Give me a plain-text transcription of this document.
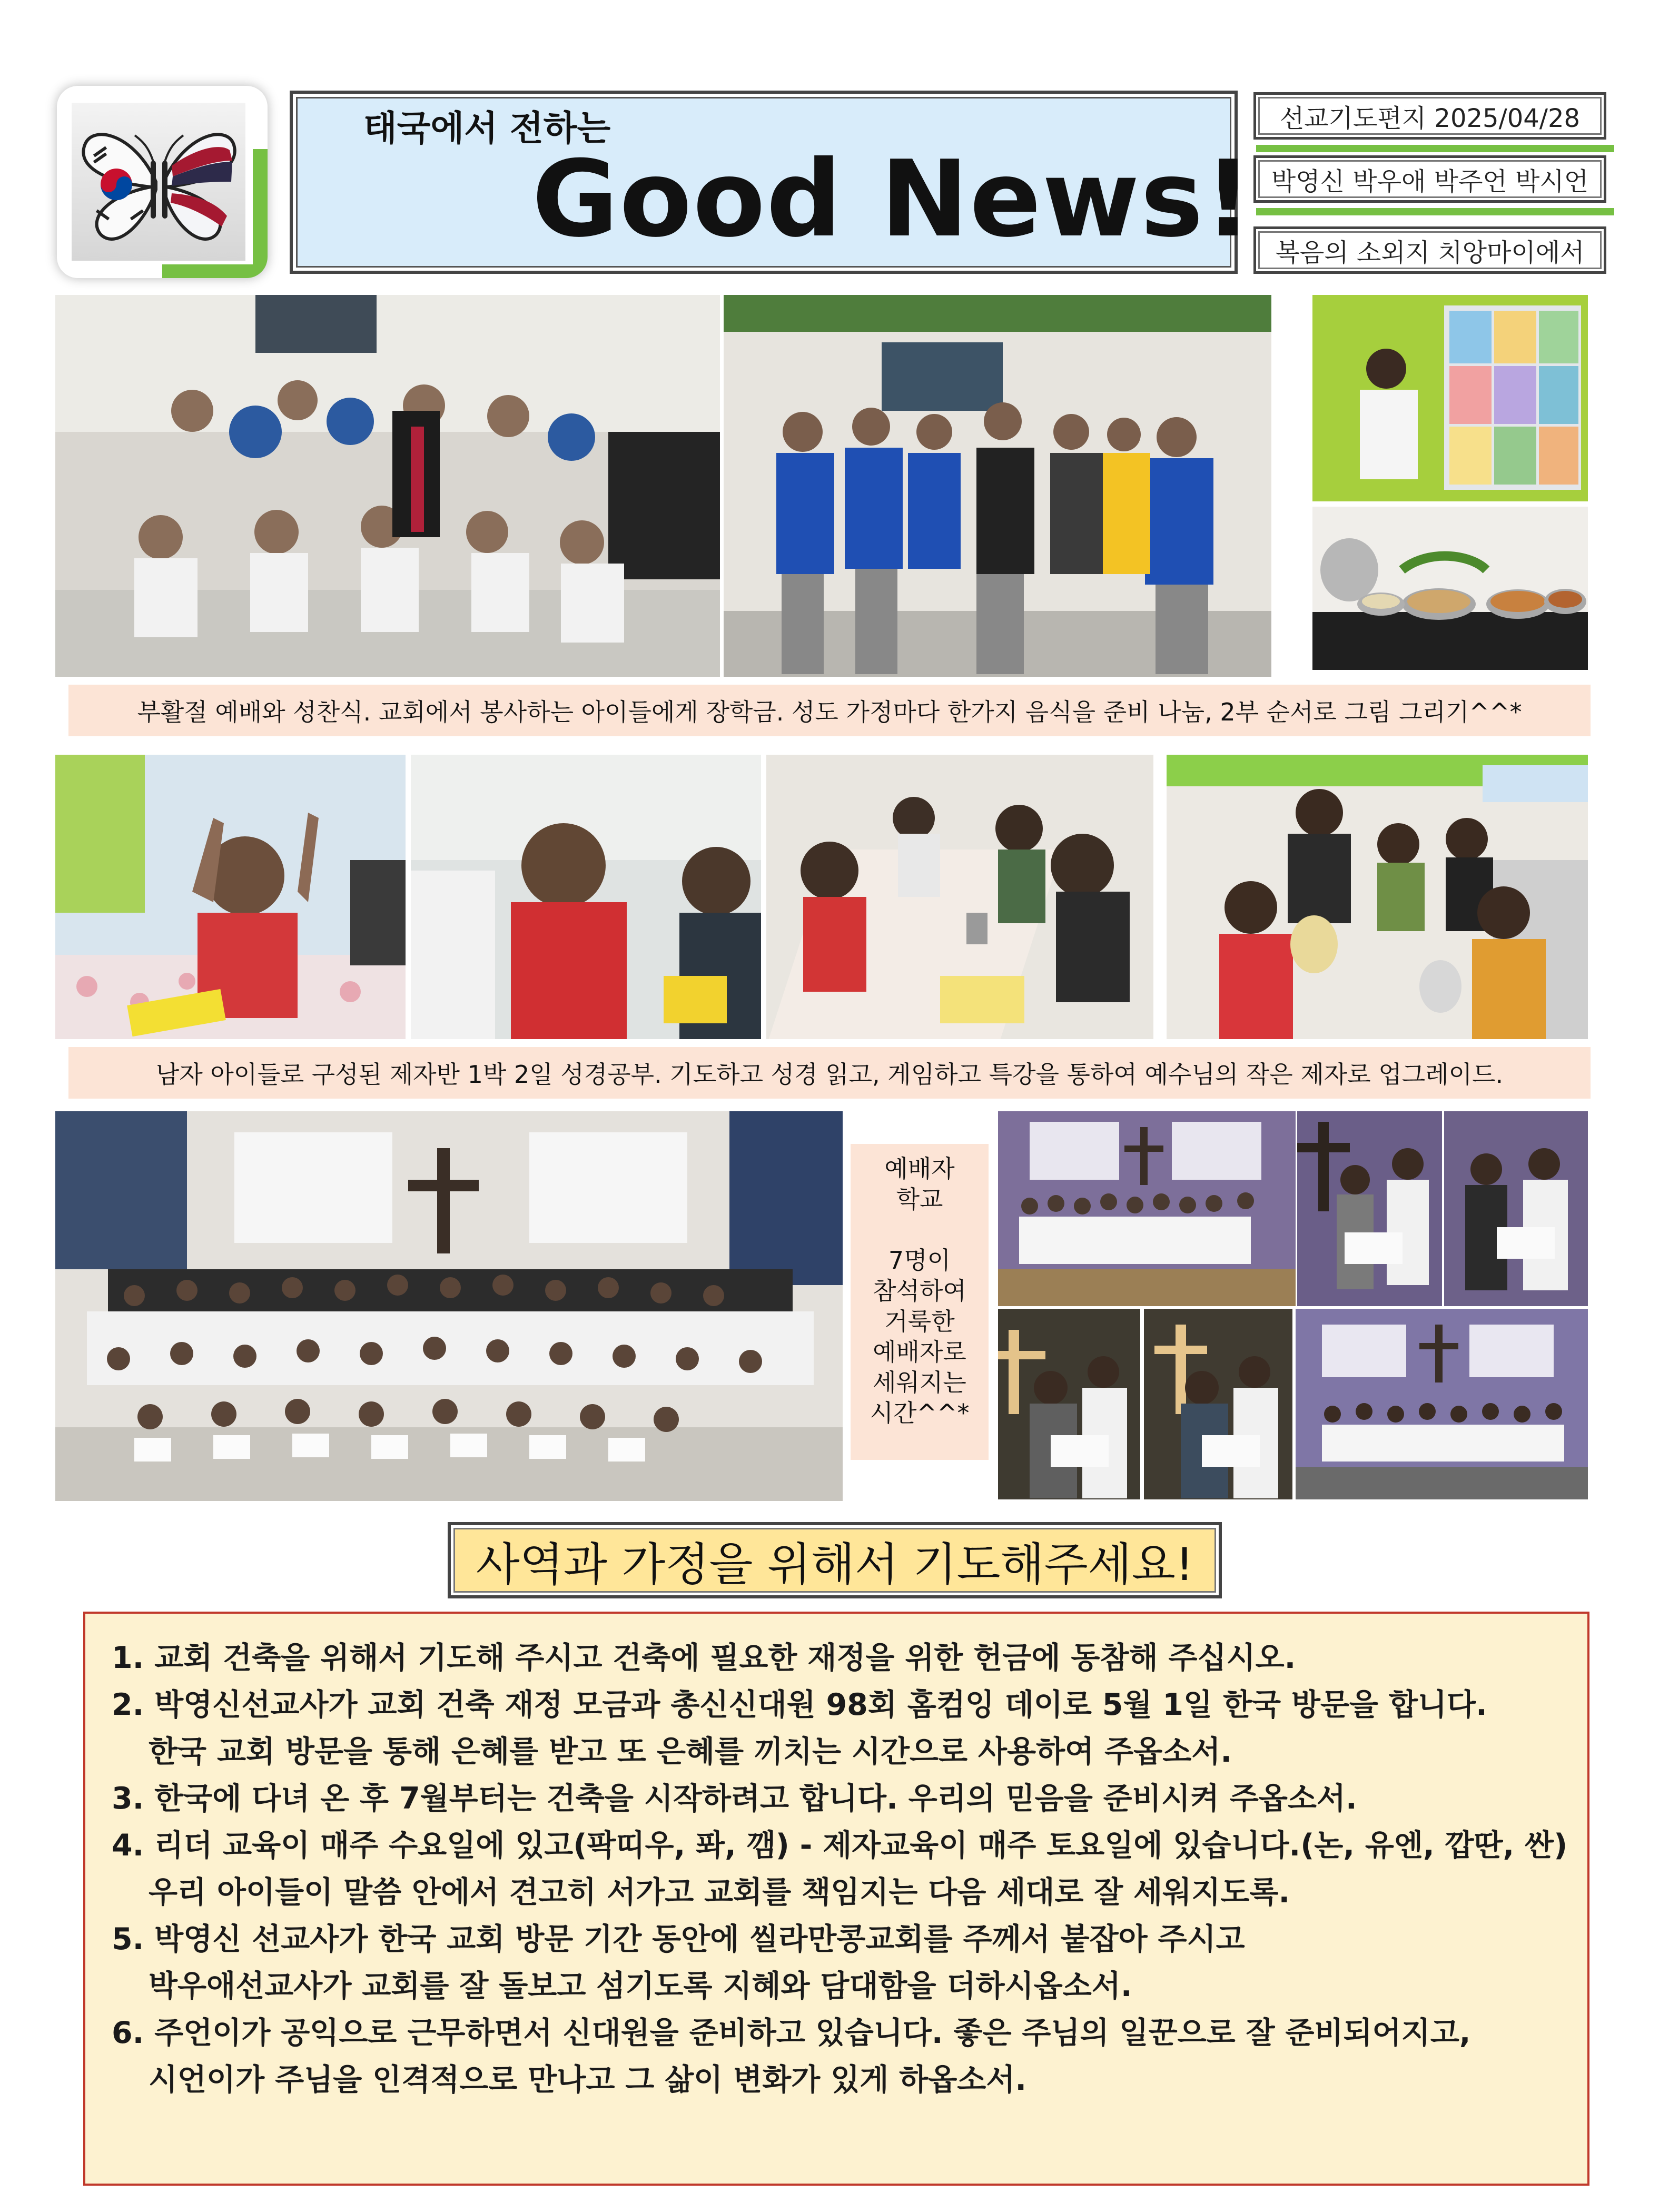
태국에서 전하는
Good News!
선교기도편지 2025/04/28
박영신 박우애 박주언 박시언
복음의 소외지 치앙마이에서
부활절 예배와 성찬식. 교회에서 봉사하는 아이들에게 장학금. 성도 가정마다 한가지 음식을 준비 나눔, 2부 순서로 그림 그리기^^*
남자 아이들로 구성된 제자반 1박 2일 성경공부. 기도하고 성경 읽고, 게임하고 특강을 통하여 예수님의 작은 제자로 업그레이드.
예배자
학교
7명이
참석하여
거룩한
예배자로
세워지는
시간^^*
사역과 가정을 위해서 기도해주세요!
1. 교회 건축을 위해서 기도해 주시고 건축에 필요한 재정을 위한 헌금에 동참해 주십시오.
2. 박영신선교사가 교회 건축 재정 모금과 총신신대원 98회 홈컴잉 데이로 5월 1일 한국 방문을 합니다.
한국 교회 방문을 통해 은혜를 받고 또 은혜를 끼치는 시간으로 사용하여 주옵소서.
3. 한국에 다녀 온 후 7월부터는 건축을 시작하려고 합니다. 우리의 믿음을 준비시켜 주옵소서.
4. 리더 교육이 매주 수요일에 있고(팍띠우, 퐈, 깸) - 제자교육이 매주 토요일에 있습니다.(논, 유엔, 깝딴, 싼)
우리 아이들이 말씀 안에서 견고히 서가고 교회를 책임지는 다음 세대로 잘 세워지도록.
5. 박영신 선교사가 한국 교회 방문 기간 동안에 씰라만콩교회를 주께서 붙잡아 주시고
박우애선교사가 교회를 잘 돌보고 섬기도록 지혜와 담대함을 더하시옵소서.
6. 주언이가 공익으로 근무하면서 신대원을 준비하고 있습니다. 좋은 주님의 일꾼으로 잘 준비되어지고,
시언이가 주님을 인격적으로 만나고 그 삶이 변화가 있게 하옵소서.
